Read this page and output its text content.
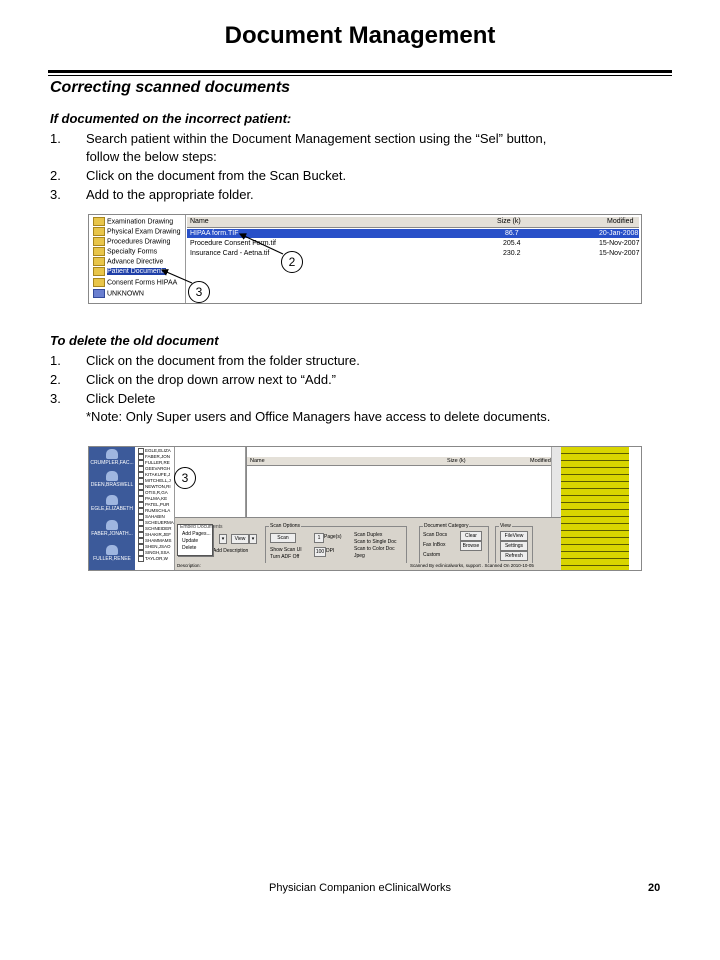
Document Management
Correcting scanned documents
If documented on the incorrect patient:
1. Search patient within the Document Management section using the “Sel” button,
follow the below steps:
2. Click on the document from the Scan Bucket.
3. Add to the appropriate folder.
Examination Drawing
Physical Exam Drawing
Procedures Drawing
Specialty Forms
Advance Directive
Patient Documents
Consent Forms HIPAA
UNKNOWN
Name	Size (k)	Modified
HIPAA form.TIF	86.7	20-Jan-2008
Procedure Consent Form.tif	205.4	15-Nov-2007
Insurance Card - Aetna.tif	230.2	15-Nov-2007
2
3
To delete the old document
1. Click on the document from the folder structure.
2. Click on the drop down arrow next to “Add.”
3. Click Delete
*Note: Only Super users and Office Managers have access to delete documents.
CRUMPLER,FAC...
DEEN,BRASWELL
EGLE,ELIZABETH
FABER,JONATH...
FULLER,RENEE
EGLE,ELIZA
FABER,JON
FULLER,RE
GEEVARGH
KITAKUFE,J
MITCHELL,J
NEWTON,RI
OTIS,R,GA
PALMA,KE
PATEL,PUR
RUMSCHLA
SAHABIN
SCHEUERMA
SCHNEIDER
SHAKIR,JEF
SHAMMAMS
SHEN,JSAO
SINGH,SSA
TAYLOR,W
Name	Size (k)	Modified
▾	View	▾
Add Description
Scan Options
Scan	1 Page(s)
100 DPI
Show Scan UI
Turn ADF Off
Scan Duplex
Scan to Single Doc
Scan to Color Doc
Jpeg
Document Category
Scan Docs
Fax InBox
Custom
Clear
Browse
View
FileView
Settings
Refresh
Description:	Scanned By eclinicalworks, support . Scanned On 2010-10-05
Embed Documents
Add Pages...
Update
Delete
3
Physician Companion eClinicalWorks	20
